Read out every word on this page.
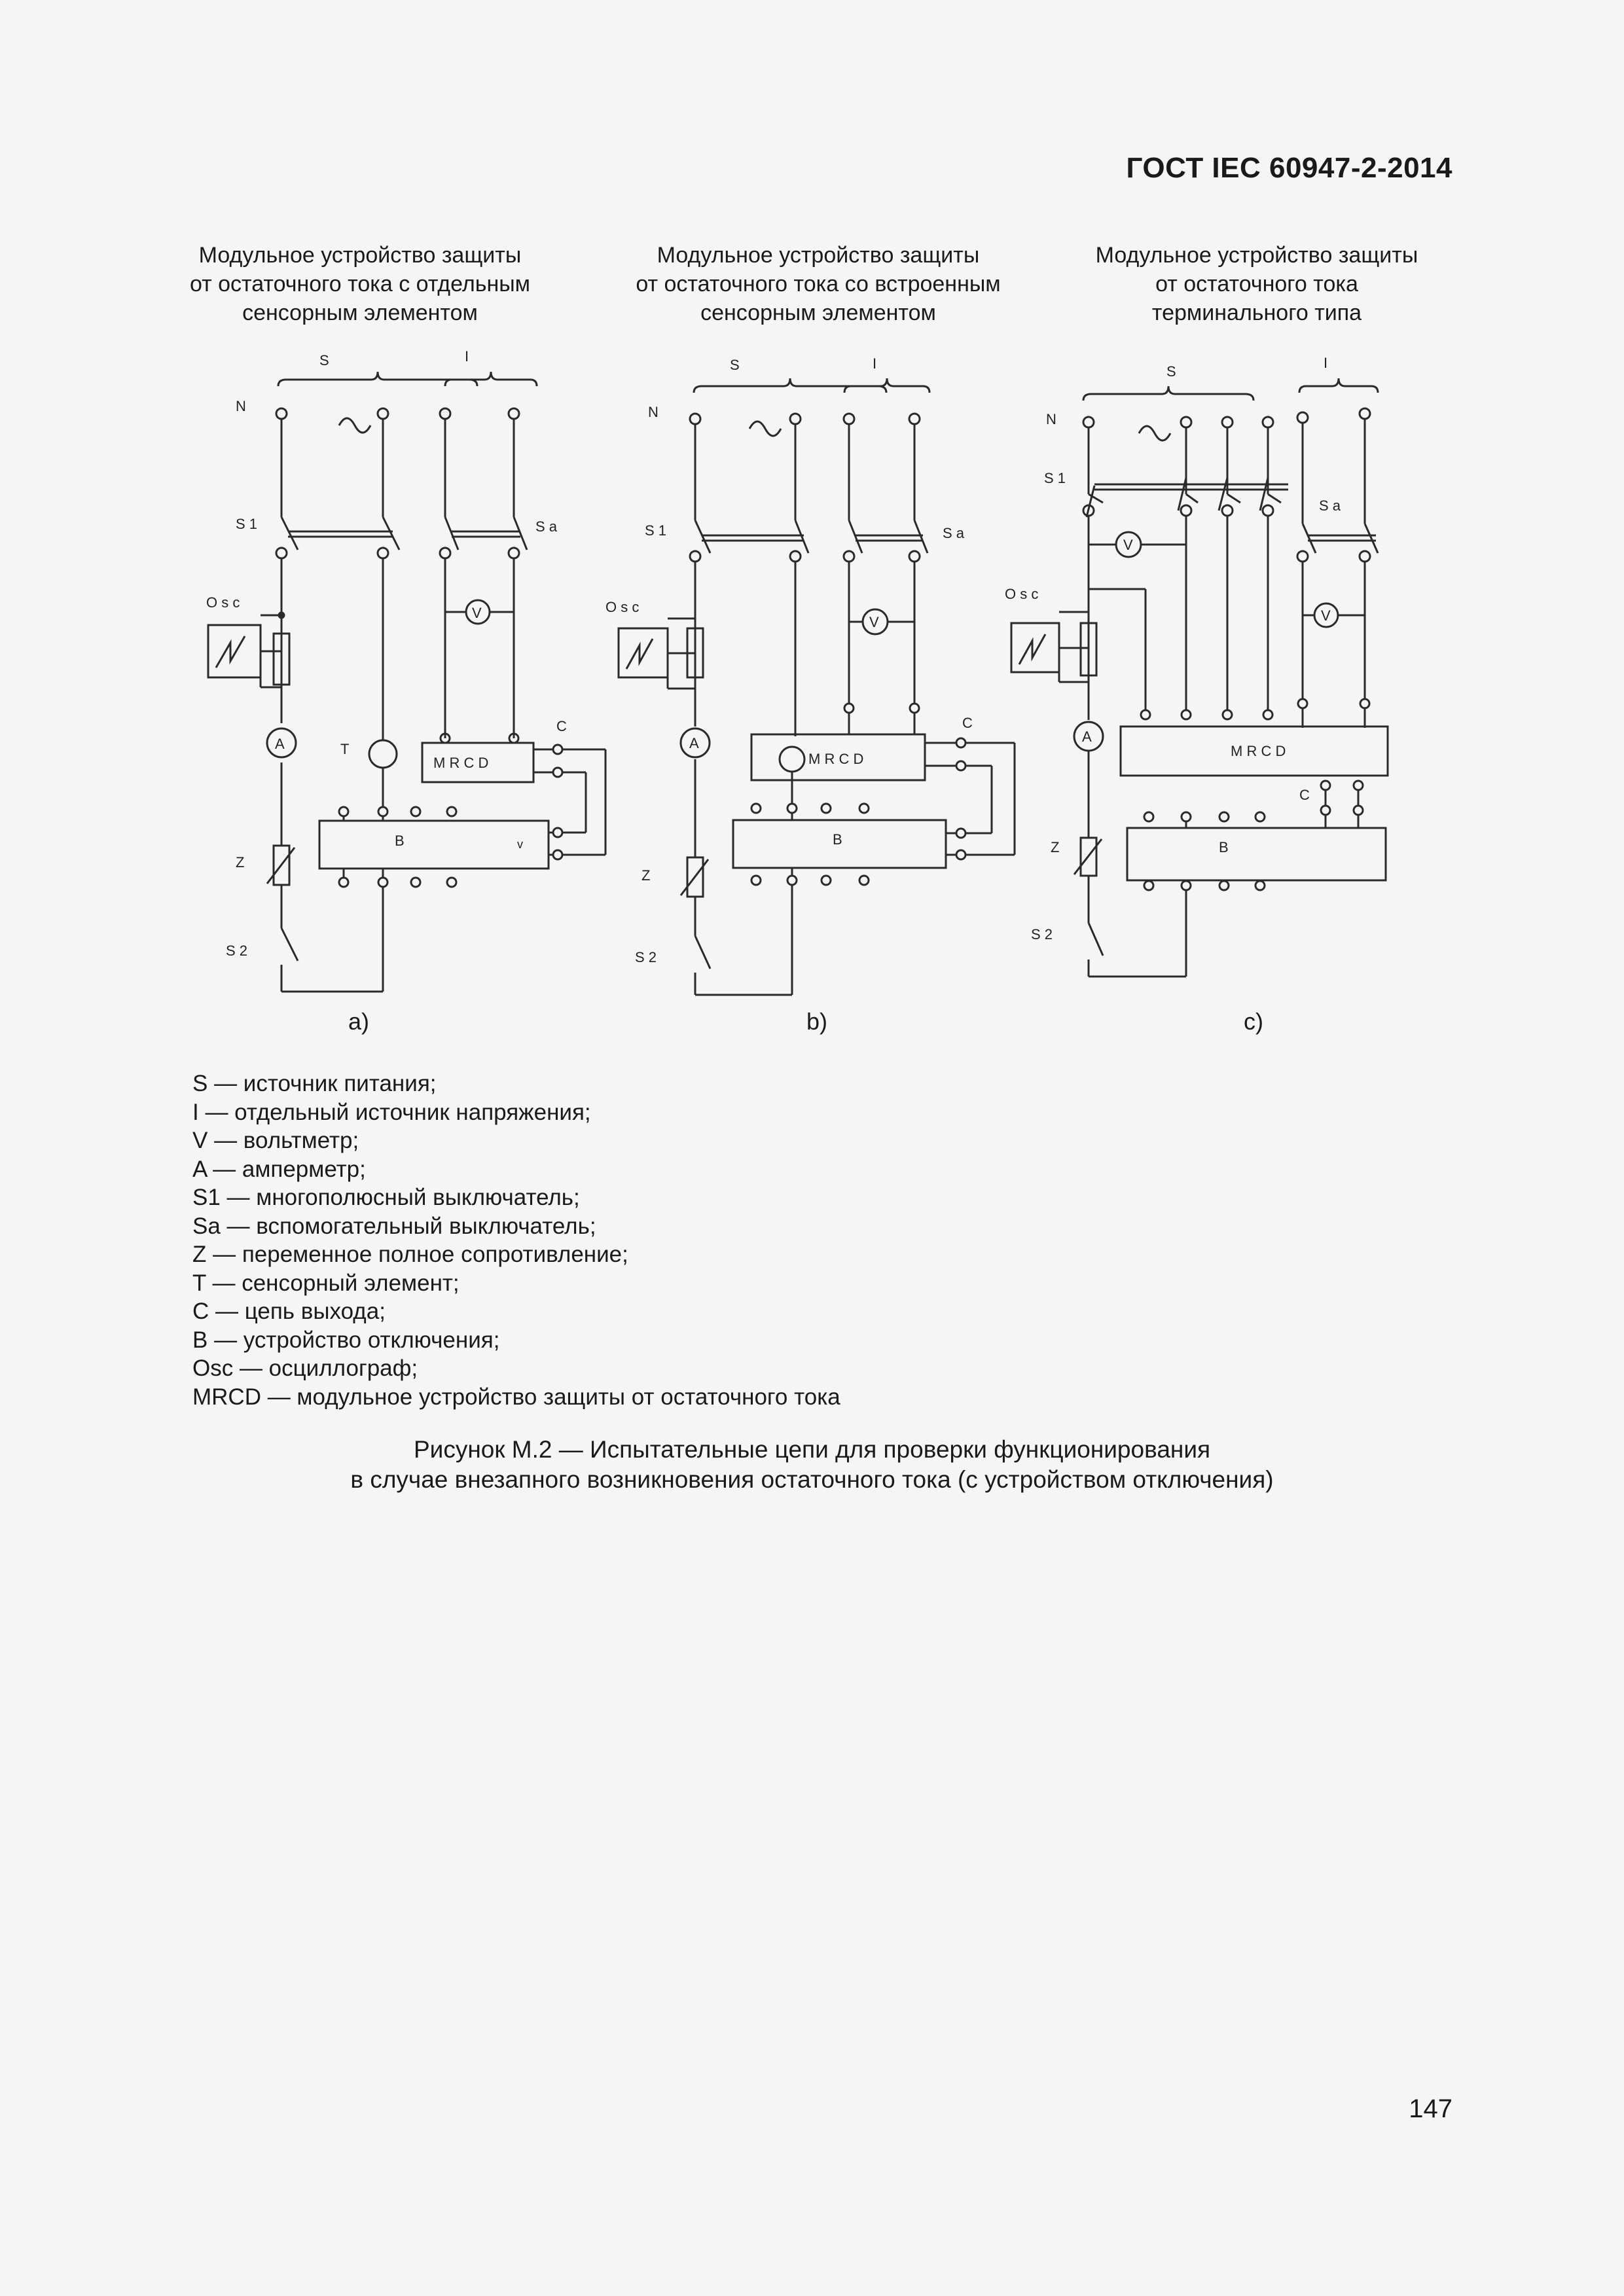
ГОСТ IEC 60947-2-2014
Модульное устройство защиты
от остаточного тока с отдельным
сенсорным элементом
Модульное устройство защиты
от остаточного тока со встроенным
сенсорным элементом
Модульное устройство защиты
от остаточного тока
терминального типа
S	I
N
S 1	S a
O s c
A
V
T
M R C D
C
B	v
Z
S 2
S	I
N
S 1	S a
O s c
A
V
M R C D
C
B
Z
S 2
S
I
N
S 1
S a
O s c
A
V
V
M R C D
C
B
Z
S 2
a)	b)	c)
S — источник питания;
I — отдельный источник напряжения;
V — вольтметр;
A — амперметр;
S1 — многополюсный выключатель;
Sa — вспомогательный выключатель;
Z — переменное полное сопротивление;
T — сенсорный элемент;
C — цепь выхода;
B — устройство отключения;
Osc — осциллограф;
MRCD — модульное устройство защиты от остаточного тока
Рисунок М.2 — Испытательные цепи для проверки функционирования
в случае внезапного возникновения остаточного тока (с устройством отключения)
147
